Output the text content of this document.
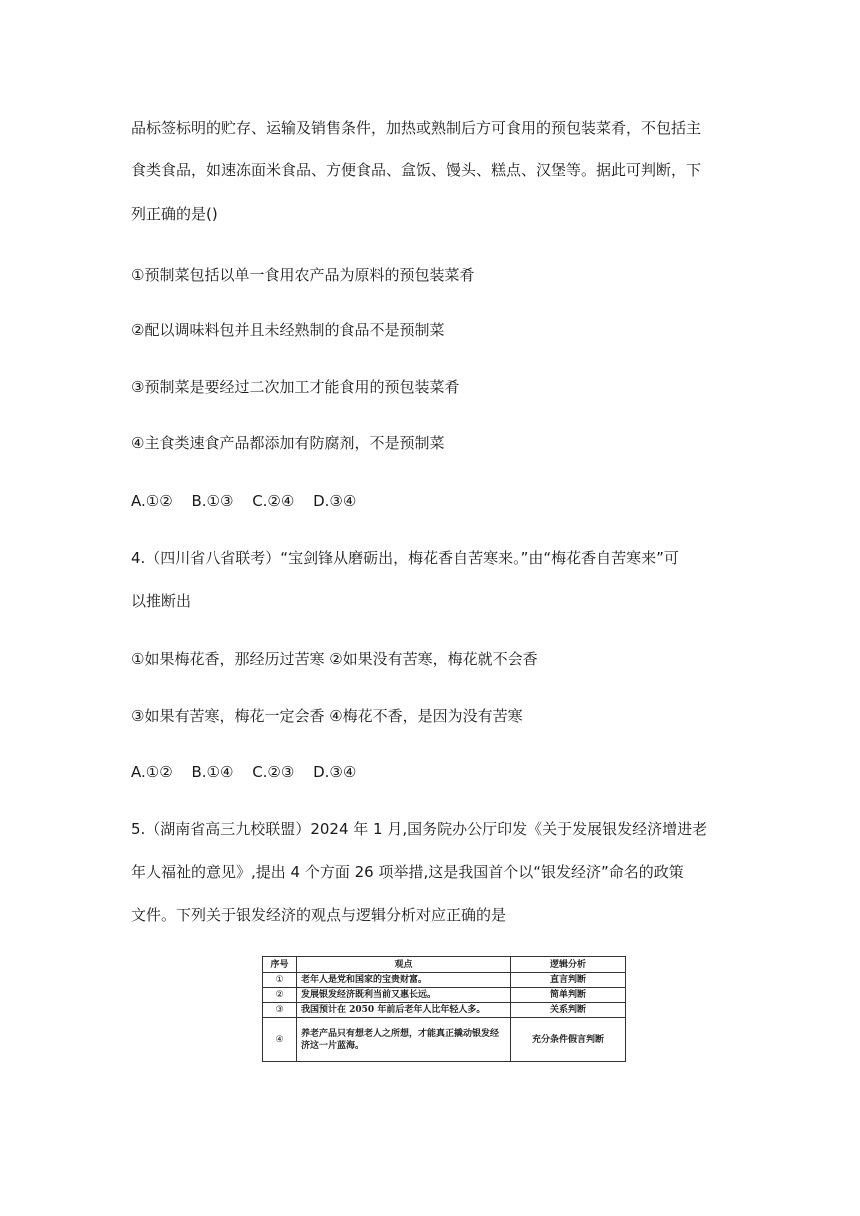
品标签标明的贮存、运输及销售条件，加热或熟制后方可食用的预包装菜肴，不包括主
食类食品，如速冻面米食品、方便食品、盒饭、馒头、糕点、汉堡等。据此可判断，下
列正确的是()
①预制菜包括以单一食用农产品为原料的预包装菜肴
②配以调味料包并且未经熟制的食品不是预制菜
③预制菜是要经过二次加工才能食用的预包装菜肴
④主食类速食产品都添加有防腐剂，不是预制菜
A.①② B.①③ C.②④ D.③④
4.（四川省八省联考）“宝剑锋从磨砺出，梅花香自苦寒来。”由“梅花香自苦寒来”可
以推断出
①如果梅花香，那经历过苦寒 ②如果没有苦寒，梅花就不会香
③如果有苦寒，梅花一定会香 ④梅花不香，是因为没有苦寒
A.①② B.①④ C.②③ D.③④
5.（湖南省高三九校联盟）2024 年 1 月,国务院办公厅印发《关于发展银发经济增进老
年人福祉的意见》,提出 4 个方面 26 项举措,这是我国首个以“银发经济”命名的政策
文件。下列关于银发经济的观点与逻辑分析对应正确的是
序号	观点	逻辑分析
①	老年人是党和国家的宝贵财富。	直言判断
②	发展银发经济既利当前又惠长远。	简单判断
③	我国预计在 2050 年前后老年人比年轻人多。	关系判断
④	养老产品只有想老人之所想，才能真正撬动银发经济这一片蓝海。	充分条件假言判断
